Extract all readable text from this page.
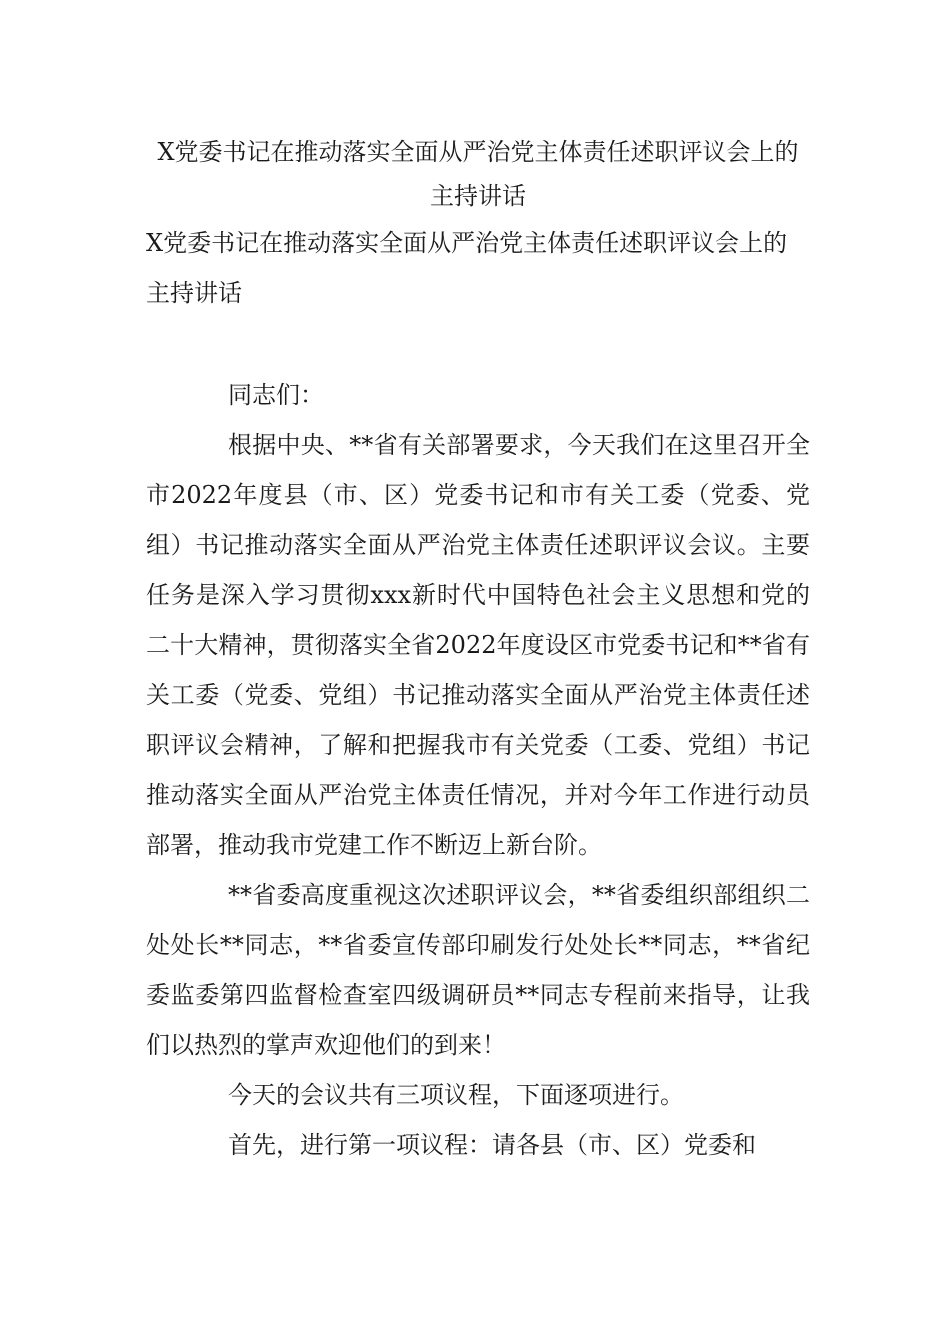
X党委书记在推动落实全面从严治党主体责任述职评议会上的主持讲话
X党委书记在推动落实全面从严治党主体责任述职评议会上的主持讲话

同志们：

根据中央、**省有关部署要求，今天我们在这里召开全市2022年度县（市、区）党委书记和市有关工委（党委、党组）书记推动落实全面从严治党主体责任述职评议会议。主要任务是深入学习贯彻xxx新时代中国特色社会主义思想和党的二十大精神，贯彻落实全省2022年度设区市党委书记和**省有关工委（党委、党组）书记推动落实全面从严治党主体责任述职评议会精神，了解和把握我市有关党委（工委、党组）书记推动落实全面从严治党主体责任情况，并对今年工作进行动员部署，推动我市党建工作不断迈上新台阶。

**省委高度重视这次述职评议会，**省委组织部组织二处处长**同志，**省委宣传部印刷发行处处长**同志，**省纪委监委第四监督检查室四级调研员**同志专程前来指导，让我们以热烈的掌声欢迎他们的到来！

今天的会议共有三项议程，下面逐项进行。

首先，进行第一项议程：请各县（市、区）党委和
